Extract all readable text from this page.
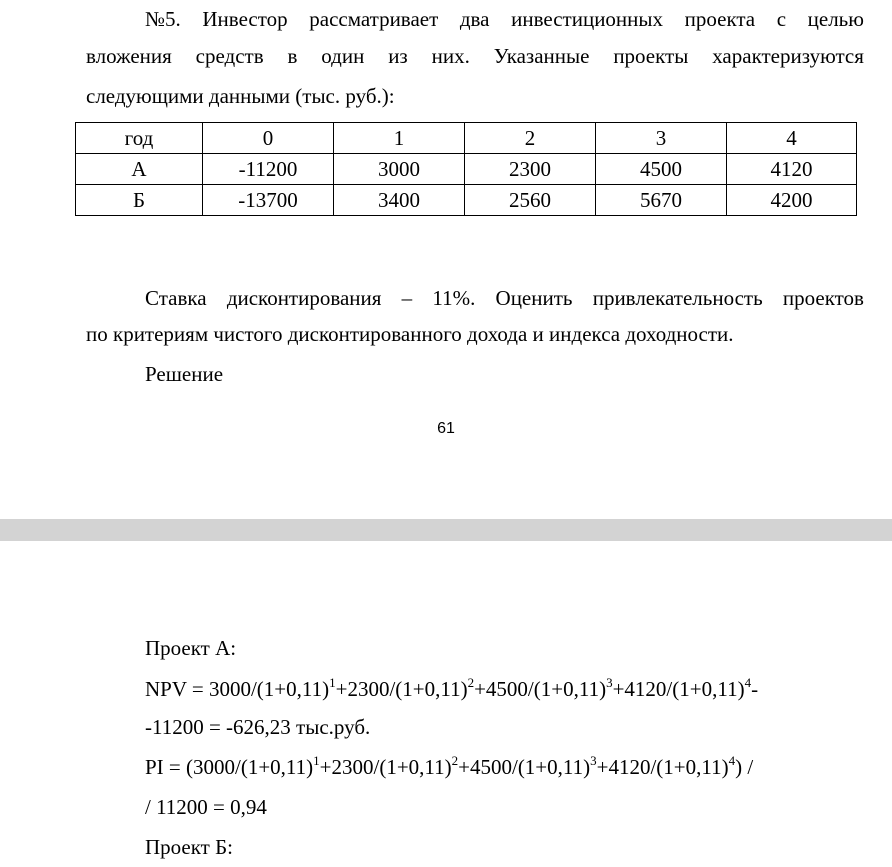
№5. Инвестор рассматривает два инвестиционных проекта с целью
вложения средств в один из них. Указанные проекты характеризуются
следующими данными (тыс. руб.):
год	0	1	2	3	4
А	-11200	3000	2300	4500	4120
Б	-13700	3400	2560	5670	4200
Ставка дисконтирования – 11%. Оценить привлекательность проектов
по критериям чистого дисконтированного дохода и индекса доходности.
Решение
61
Проект А:
NPV = $3000/(1+0,11)^1+2300/(1+0,11)^2+4500/(1+0,11)^3+4120/(1+0,11)^4-$
-11200 = -626,23 тыс.руб.
PI = $(3000/(1+0,11)^1+2300/(1+0,11)^2+4500/(1+0,11)^3+4120/(1+0,11)^4)$ /
/ 11200 = 0,94
Проект Б:
